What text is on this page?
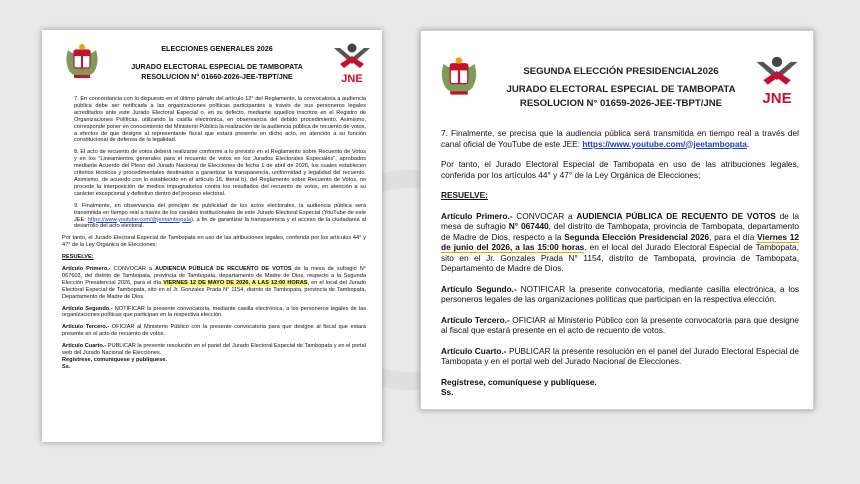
ELECCIONES GENERALES 2026
JURADO ELECTORAL ESPECIAL DE TAMBOPATA
RESOLUCION N° 01660-2026-JEE-TBPT/JNE	JNE

7. En concordancia con lo dispuesto en el último párrafo del artículo 12° del Reglamento, la convocatoria a audiencia pública debe ser notificada a las organizaciones políticas participantes a través de sus personeros legales acreditados ante este Jurado Electoral Especial o, en su defecto, mediante aquellos inscritos en el Registro de Organizaciones Políticas, utilizando la casilla electrónica, en observancia del debido procedimiento. Asimismo, corresponde poner en conocimiento del Ministerio Público la realización de la audiencia pública de recuento de votos, a efectos de que designe al representante fiscal que estará presente en dicho acto, en atención a su función constitucional de defensa de la legalidad.

8. El acto de recuento de votos deberá realizarse conforme a lo previsto en el Reglamento sobre Recuento de Votos y en los "Lineamientos generales para el recuento de votos en los Jurados Electorales Especiales", aprobados mediante Acuerdo del Pleno del Jurado Nacional de Elecciones de fecha 1 de abril de 2026, los cuales establecen criterios técnicos y procedimentales destinados a garantizar la transparencia, uniformidad y legalidad del recuento. Asimismo, de acuerdo con lo establecido en el artículo 16, literal b), del Reglamento sobre Recuento de Votos, no procede la interposición de medios impugnatorios contra los resultados del recuento de votos, en atención a su carácter excepcional y definitivo dentro del proceso electoral.

9. Finalmente, en observancia del principio de publicidad de los actos electorales, la audiencia pública será transmitida en tiempo real a través de los canales institucionales de este Jurado Electoral Especial (YouTube de este JEE: https://www.youtube.com/@jeetambopata), a fin de garantizar la transparencia y el acceso de la ciudadanía al desarrollo del acto electoral.

Por tanto, el Jurado Electoral Especial de Tambopata en uso de las atribuciones legales, conferida por los artículos 44° y 47° de la Ley Orgánica de Elecciones;

RESUELVE:

Artículo Primero.- CONVOCAR a AUDIENCIA PÚBLICA DE RECUENTO DE VOTOS de la mesa de sufragio N° 067603, del distrito de Tambopata, provincia de Tambopata, departamento de Madre de Dios, respecto a la Segunda Elección Presidencial 2026, para el día VIERNES 12 DE MAYO DE 2026, A LAS 12:00 HORAS, en el local del Jurado Electoral Especial de Tambopata, sito en el Jr. Gonzales Prada N° 1154, distrito de Tambopata, provincia de Tambopata, Departamento de Madre de Dios.

Artículo Segundo.- NOTIFICAR la presente convocatoria, mediante casilla electrónica, a los personeros legales de las organizaciones políticas que participan en la respectiva elección.

Artículo Tercero.- OFICIAR al Ministerio Público con la presente convocatoria para que designe al fiscal que estará presente en el acto de recuento de votos.

Artículo Cuarto.- PUBLICAR la presente resolución en el panel del Jurado Electoral Especial de Tambopata y en el portal web del Jurado Nacional de Elecciones.

Regístrese, comuníquese y publíquese.

Ss.

SEGUNDA ELECCIÓN PRESIDENCIAL2026
JURADO ELECTORAL ESPECIAL DE TAMBOPATA
RESOLUCION N° 01659-2026-JEE-TBPT/JNE	JNE

7. Finalmente, se precisa que la audiencia pública será transmitida en tiempo real a través del canal oficial de YouTube de este JEE: https://www.youtube.com/@jeetambopata.

Por tanto, el Jurado Electoral Especial de Tambopata en uso de las atribuciones legales, conferida por los artículos 44° y 47° de la Ley Orgánica de Elecciones;

RESUELVE:

Artículo Primero.- CONVOCAR a AUDIENCIA PÚBLICA DE RECUENTO DE VOTOS de la mesa de sufragio N° 067440, del distrito de Tambopata, provincia de Tambopata, departamento de Madre de Dios, respecto a la Segunda Elección Presidencial 2026, para el día Viernes 12 de junio del 2026, a las 15:00 horas, en el local del Jurado Electoral Especial de Tambopata, sito en el Jr. Gonzales Prada N° 1154, distrito de Tambopata, provincia de Tambopata, Departamento de Madre de Dios.

Artículo Segundo.- NOTIFICAR la presente convocatoria, mediante casilla electrónica, a los personeros legales de las organizaciones políticas que participan en la respectiva elección.

Artículo Tercero.- OFICIAR al Ministerio Público con la presente convocatoria para que designe al fiscal que estará presente en el acto de recuento de votos.

Artículo Cuarto.- PUBLICAR la presente resolución en el panel del Jurado Electoral Especial de Tambopata y en el portal web del Jurado Nacional de Elecciones.

Regístrese, comuníquese y publíquese.

Ss.
